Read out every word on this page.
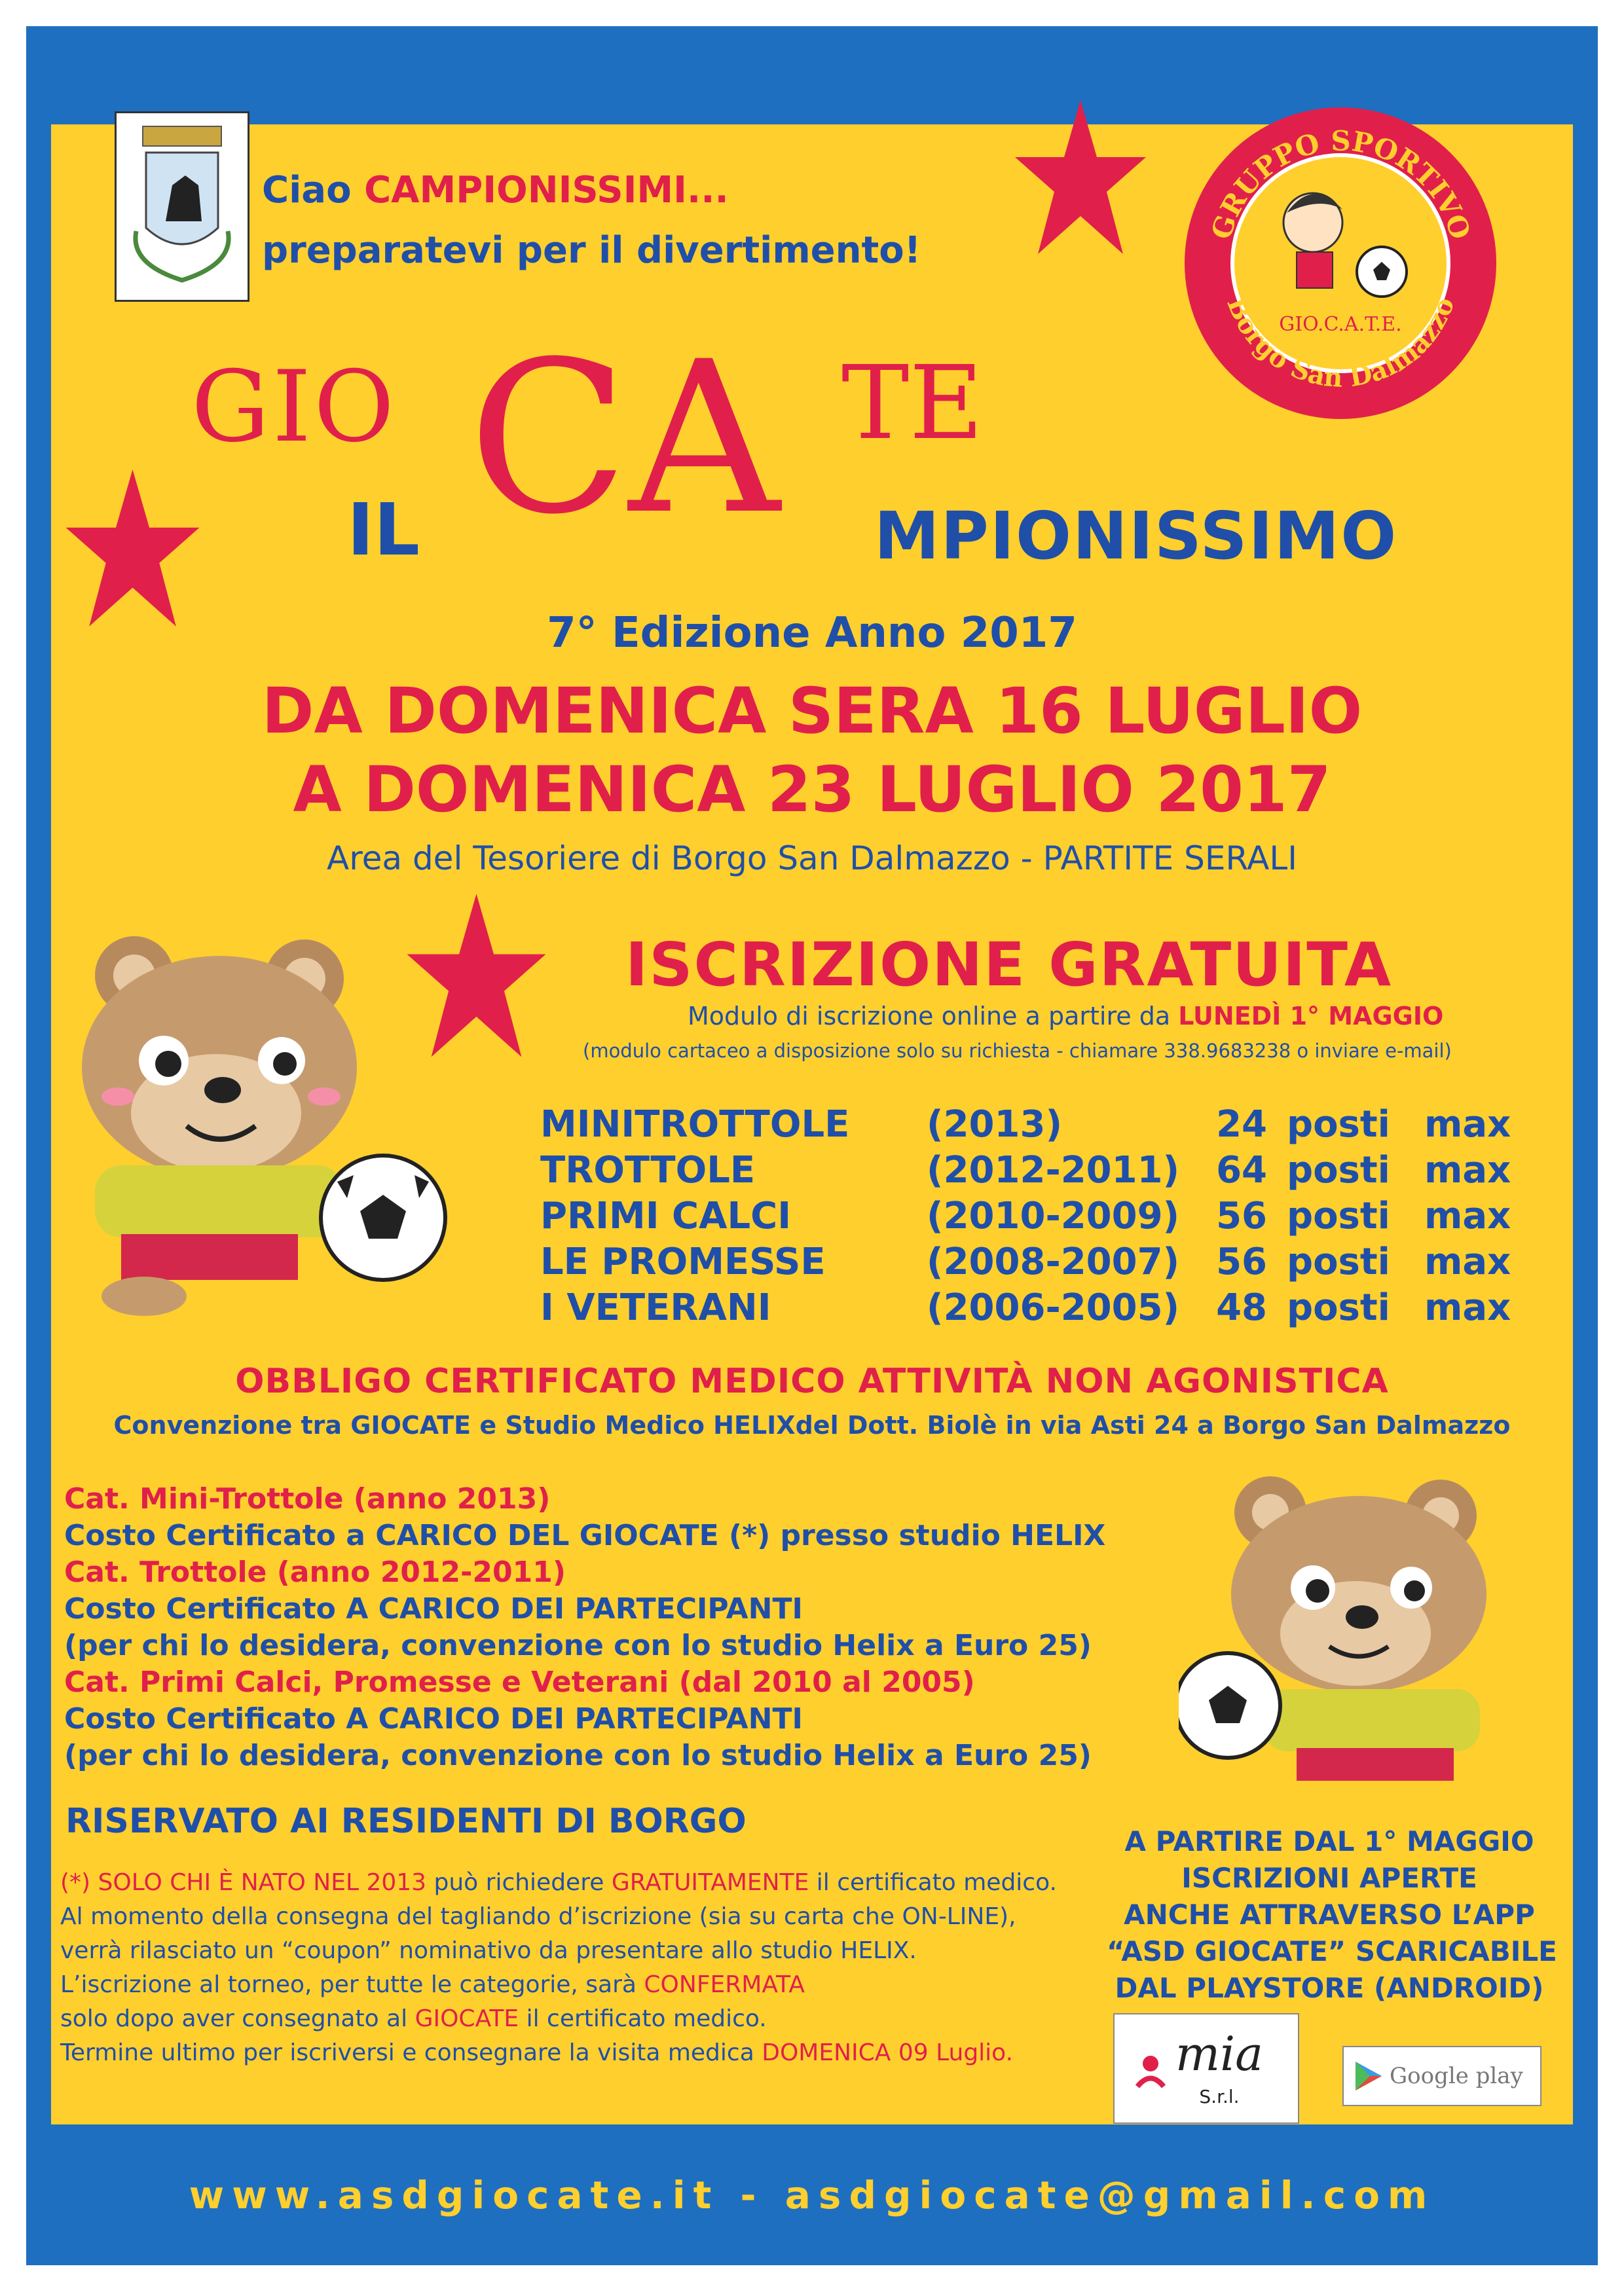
www.asdgiocate.it - asdgiocate@gmail.com
Ciao CAMPIONISSIMI...
preparatevi per il divertimento!
GRUPPO SPORTIVO
Borgo San Dalmazzo
GIO.C.A.T.E.
GIO CA TE
IL	MPIONISSIMO
7° Edizione Anno 2017
DA DOMENICA SERA 16 LUGLIO
A DOMENICA 23 LUGLIO 2017
Area del Tesoriere di Borgo San Dalmazzo - PARTITE SERALI
ISCRIZIONE GRATUITA
Modulo di iscrizione online a partire da LUNEDÌ 1° MAGGIO
(modulo cartaceo a disposizione solo su richiesta - chiamare 338.9683238 o inviare e-mail)
MINITROTTOLE	(2013)	24 posti max
TROTTOLE	(2012-2011) 64 posti max
PRIMI CALCI	(2010-2009) 56 posti max
LE PROMESSE	(2008-2007) 56 posti max
I VETERANI	(2006-2005) 48 posti max
OBBLIGO CERTIFICATO MEDICO ATTIVITÀ NON AGONISTICA
Convenzione tra GIOCATE e Studio Medico HELIXdel Dott. Biolè in via Asti 24 a Borgo San Dalmazzo
Cat. Mini-Trottole (anno 2013)
Costo Certificato a CARICO DEL GIOCATE (*) presso studio HELIX
Cat. Trottole (anno 2012-2011)
Costo Certificato A CARICO DEI PARTECIPANTI
(per chi lo desidera, convenzione con lo studio Helix a Euro 25)
Cat. Primi Calci, Promesse e Veterani (dal 2010 al 2005)
Costo Certificato A CARICO DEI PARTECIPANTI
(per chi lo desidera, convenzione con lo studio Helix a Euro 25)
RISERVATO AI RESIDENTI DI BORGO
(*) SOLO CHI È NATO NEL 2013 può richiedere GRATUITAMENTE il certificato medico.
Al momento della consegna del tagliando d’iscrizione (sia su carta che ON-LINE),
verrà rilasciato un “coupon” nominativo da presentare allo studio HELIX.
L’iscrizione al torneo, per tutte le categorie, sarà CONFERMATA
solo dopo aver consegnato al GIOCATE il certificato medico.
Termine ultimo per iscriversi e consegnare la visita medica DOMENICA 09 Luglio.
A PARTIRE DAL 1° MAGGIO
ISCRIZIONI APERTE
ANCHE ATTRAVERSO L’APP
“ASD GIOCATE” SCARICABILE
DAL PLAYSTORE (ANDROID)
mia
S.r.l.
Google play
